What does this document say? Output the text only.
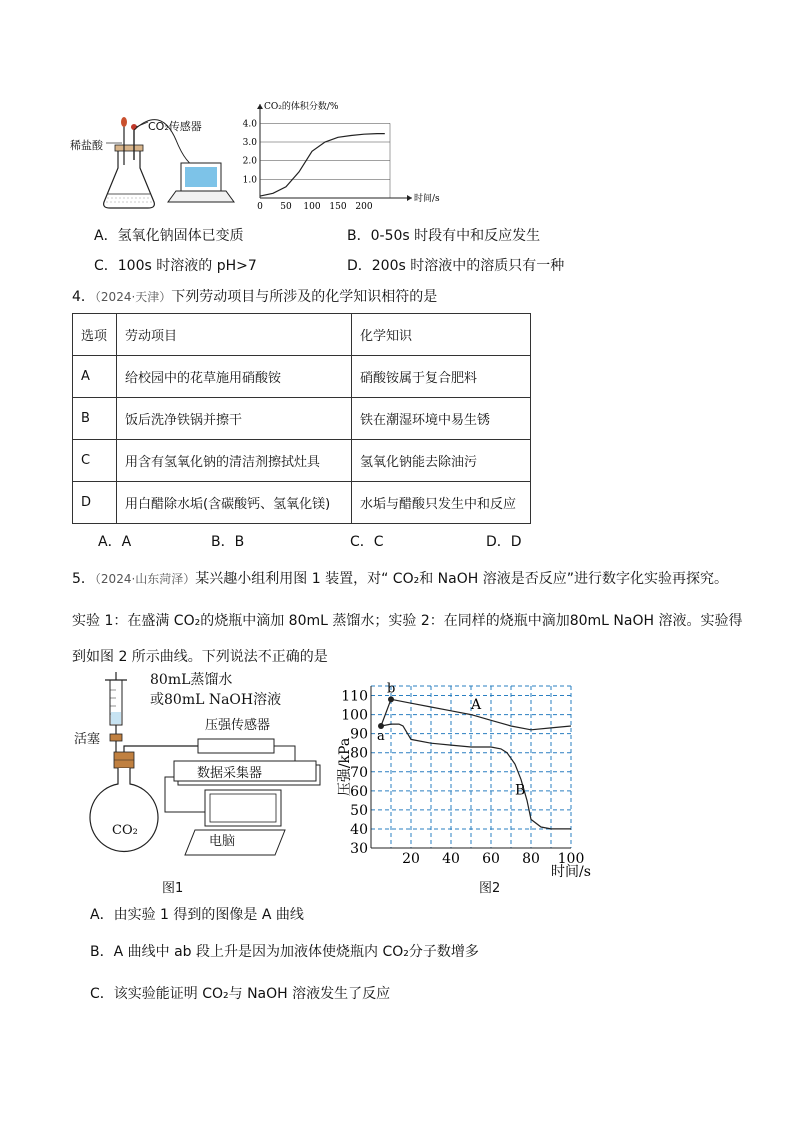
稀盐酸
CO₂传感器
1.0
2.0
3.0
4.0
0 50 100 150 200
CO₂的体积分数/%
时间/s
A．氢氧化钠固体已变质	B．0-50s 时段有中和反应发生
C．100s 时溶液的 pH>7	D．200s 时溶液中的溶质只有一种
4．（2024·天津）下列劳动项目与所涉及的化学知识相符的是
选项	劳动项目	化学知识
A	给校园中的花草施用硝酸铵	硝酸铵属于复合肥料
B	饭后洗净铁锅并擦干	铁在潮湿环境中易生锈
C	用含有氢氧化钠的清洁剂擦拭灶具	氢氧化钠能去除油污
D	用白醋除水垢(含碳酸钙、氢氧化镁)	水垢与醋酸只发生中和反应
A．A	B．B	C．C	D．D
5．（2024·山东菏泽）某兴趣小组利用图 1 装置，对“ CO₂和 NaOH 溶液是否反应”进行数字化实验再探究。
实验 1：在盛满 CO₂的烧瓶中滴加 80mL 蒸馏水；实验 2：在同样的烧瓶中滴加80mL NaOH 溶液。实验得
到如图 2 所示曲线。下列说法不正确的是
80mL蒸馏水
或80mL NaOH溶液
活塞
压强传感器
数据采集器
电脑
CO₂
图1
30
40
50
60
70
80
90
100
110
20 40 60 80 100
压强/kPa
时间/s
A
B
a
b
图2
A．由实验 1 得到的图像是 A 曲线
B．A 曲线中 ab 段上升是因为加液体使烧瓶内 CO₂分子数增多
C．该实验能证明 CO₂与 NaOH 溶液发生了反应
